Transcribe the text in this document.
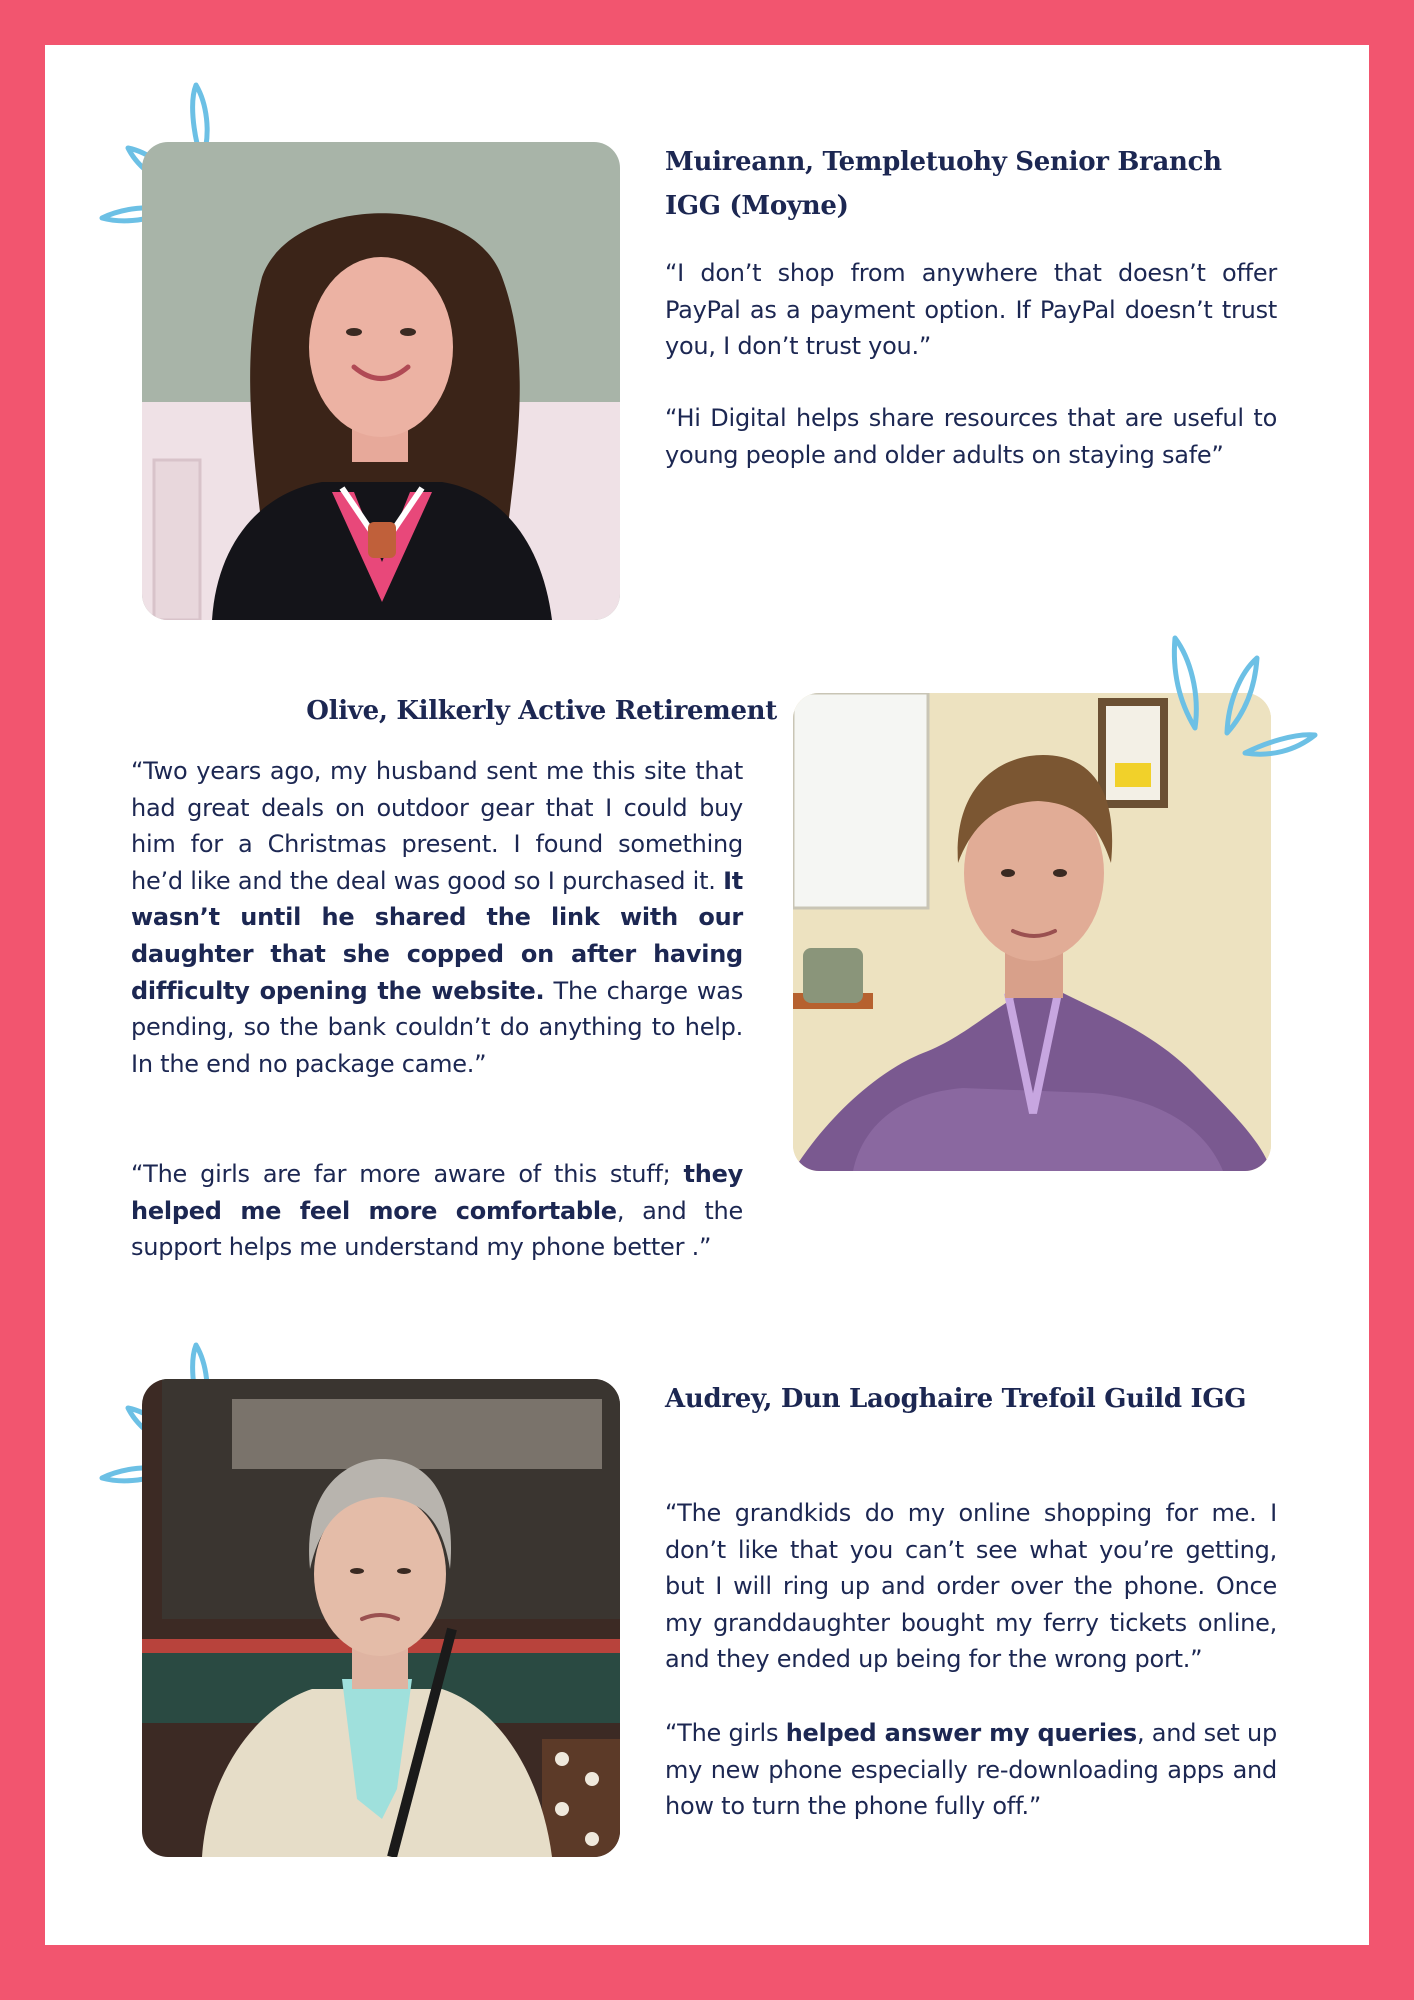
Muireann, Templetuohy Senior Branch IGG (Moyne)

“I don’t shop from anywhere that doesn’t offer PayPal as a payment option. If PayPal doesn’t trust you, I don’t trust you.”

“Hi Digital helps share resources that are useful to young people and older adults on staying safe”

Olive, Kilkerly Active Retirement

“Two years ago, my husband sent me this site that had great deals on outdoor gear that I could buy him for a Christmas present. I found something he’d like and the deal was good so I purchased it. It wasn’t until he shared the link with our daughter that she copped on after having difficulty opening the website. The charge was pending, so the bank couldn’t do anything to help. In the end no package came.”

“The girls are far more aware of this stuff; they helped me feel more comfortable, and the support helps me understand my phone better .”

Audrey, Dun Laoghaire Trefoil Guild IGG

“The grandkids do my online shopping for me. I don’t like that you can’t see what you’re getting, but I will ring up and order over the phone. Once my granddaughter bought my ferry tickets online, and they ended up being for the wrong port.”

“The girls helped answer my queries, and set up my new phone especially re-downloading apps and how to turn the phone fully off.”
